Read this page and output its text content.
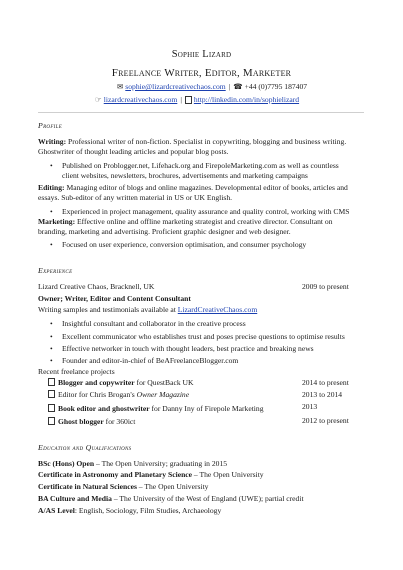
Sophie Lizard
Freelance Writer, Editor, Marketer
✉ sophie@lizardcreativechaos.com | ☎ +44 (0)7795 187407
☞ lizardcreativechaos.com | http://linkedin.com/in/sophielizard
Profile
Writing: Professional writer of non-fiction. Specialist in copywriting, blogging and business writing.
Ghostwriter of thought leading articles and popular blog posts.
• Published on Problogger.net, Lifehack.org and FirepoleMarketing.com as well as countless
client websites, newsletters, brochures, advertisements and marketing campaigns
Editing: Managing editor of blogs and online magazines. Developmental editor of books, articles and
essays. Sub-editor of any written material in US or UK English.
• Experienced in project management, quality assurance and quality control, working with CMS
Marketing: Effective online and offline marketing strategist and creative director. Consultant on
branding, marketing and advertising. Proficient graphic designer and web designer.
• Focused on user experience, conversion optimisation, and consumer psychology
Experience
Lizard Creative Chaos, Bracknell, UK	2009 to present
Owner; Writer, Editor and Content Consultant
Writing samples and testimonials available at LizardCreativeChaos.com
• Insightful consultant and collaborator in the creative process
• Excellent communicator who establishes trust and poses precise questions to optimise results
• Effective networker in touch with thought leaders, best practice and breaking news
• Founder and editor-in-chief of BeAFreelanceBlogger.com
Recent freelance projects
Blogger and copywriter for QuestBack UK	2014 to present
Editor for Chris Brogan's Owner Magazine	2013 to 2014
Book editor and ghostwriter for Danny Iny of Firepole Marketing	2013
Ghost blogger for 360ict	2012 to present
Education and Qualifications
BSc (Hons) Open – The Open University; graduating in 2015
Certificate in Astronomy and Planetary Science – The Open University
Certificate in Natural Sciences – The Open University
BA Culture and Media – The University of the West of England (UWE); partial credit
A/AS Level: English, Sociology, Film Studies, Archaeology
